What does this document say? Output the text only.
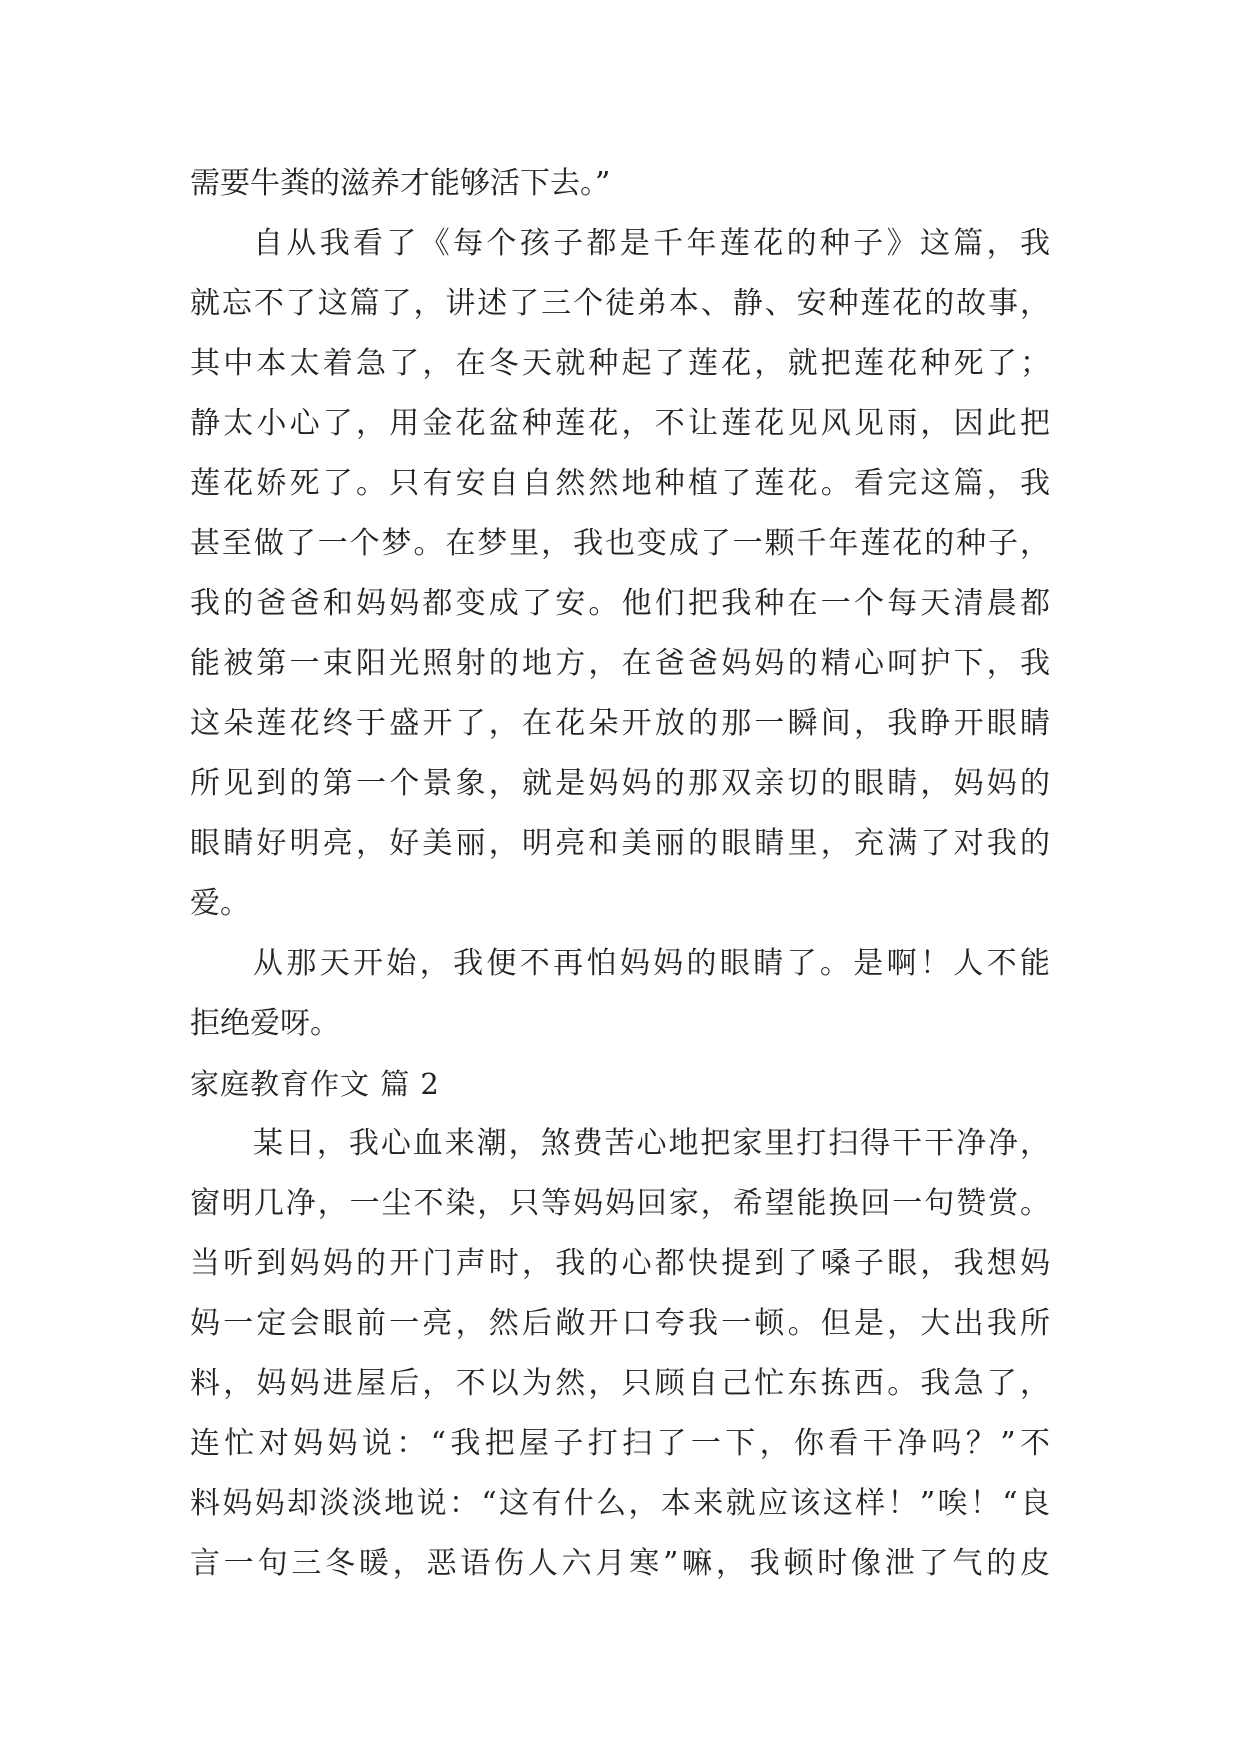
需要牛粪的滋养才能够活下去。”
自从我看了《每个孩子都是千年莲花的种子》这篇，我
就忘不了这篇了，讲述了三个徒弟本、静、安种莲花的故事，
其中本太着急了，在冬天就种起了莲花，就把莲花种死了；
静太小心了，用金花盆种莲花，不让莲花见风见雨，因此把
莲花娇死了。只有安自自然然地种植了莲花。看完这篇，我
甚至做了一个梦。在梦里，我也变成了一颗千年莲花的种子，
我的爸爸和妈妈都变成了安。他们把我种在一个每天清晨都
能被第一束阳光照射的地方，在爸爸妈妈的精心呵护下，我
这朵莲花终于盛开了，在花朵开放的那一瞬间，我睁开眼睛
所见到的第一个景象，就是妈妈的那双亲切的眼睛，妈妈的
眼睛好明亮，好美丽，明亮和美丽的眼睛里，充满了对我的
爱。
从那天开始，我便不再怕妈妈的眼睛了。是啊！人不能
拒绝爱呀。
家庭教育作文 篇 2
某日，我心血来潮，煞费苦心地把家里打扫得干干净净，
窗明几净，一尘不染，只等妈妈回家，希望能换回一句赞赏。
当听到妈妈的开门声时，我的心都快提到了嗓子眼，我想妈
妈一定会眼前一亮，然后敞开口夸我一顿。但是，大出我所
料，妈妈进屋后，不以为然，只顾自己忙东拣西。我急了，
连忙对妈妈说：“我把屋子打扫了一下，你看干净吗？”不
料妈妈却淡淡地说：“这有什么，本来就应该这样！”唉！“良
言一句三冬暖，恶语伤人六月寒”嘛，我顿时像泄了气的皮
